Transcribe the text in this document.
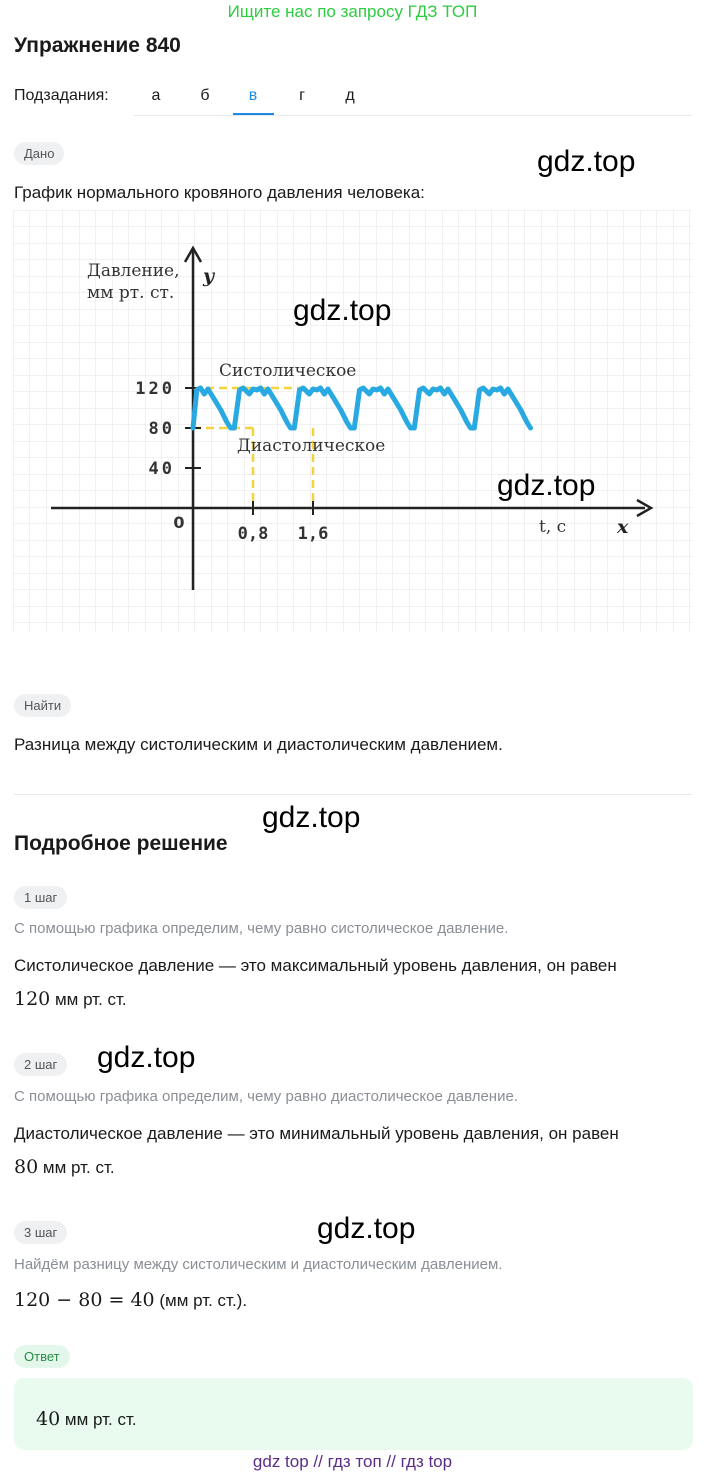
Ищите нас по запросу ГДЗ ТОП
Упражнение 840
Подзадания:	а	б	в	г	д
Дано
График нормального кровяного давления человека:
120
80
40
0,8 1,6
0
Давление,
мм рт. ст.
y
t, с	x
Систолическое
Диастолическое
gdz.top
gdz.top
gdz.top
Найти
Разница между систолическим и диастолическим давлением.
gdz.top
Подробное решение
1 шаг
С помощью графика определим, чему равно систолическое давление.
Систолическое давление — это максимальный уровень давления, он равен
120 мм рт. ст.
2 шаг	gdz.top
С помощью графика определим, чему равно диастолическое давление.
Диастолическое давление — это минимальный уровень давления, он равен
80 мм рт. ст.
3 шаг	gdz.top
Найдём разницу между систолическим и диастолическим давлением.
120 − 80 = 40 (мм рт. ст.).
Ответ
40 мм рт. ст.
gdz top // гдз топ // гдз top
